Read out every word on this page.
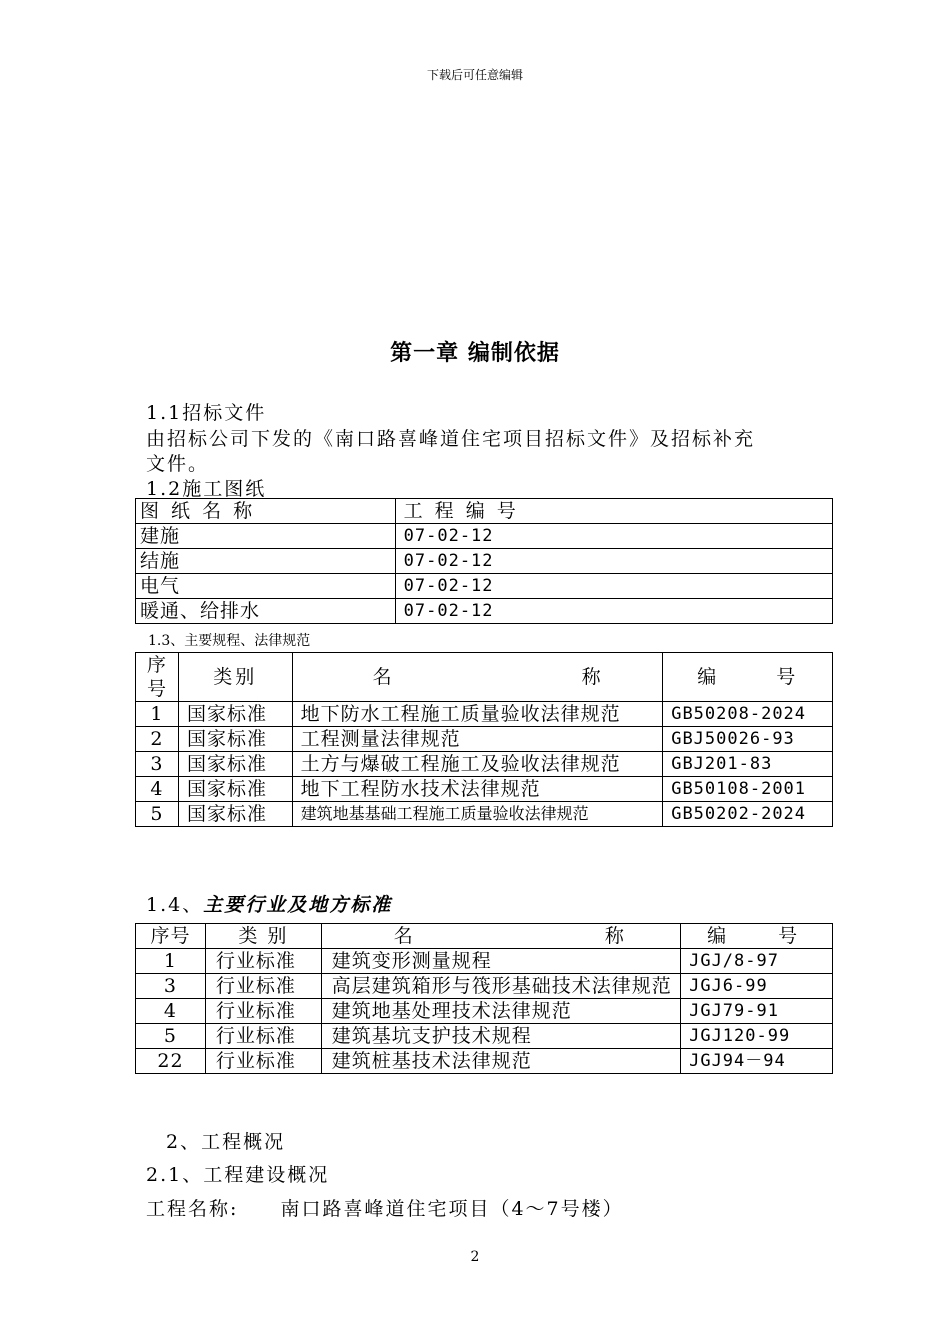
下载后可任意编辑
第一章 编制依据
1.1招标文件
由招标公司下发的《南口路喜峰道住宅项目招标文件》及招标补充
文件。
1.2施工图纸
图 纸 名 称	工 程 编 号
建施	07-02-12
结施	07-02-12
电气	07-02-12
暖通、给排水	07-02-12
1.3、主要规程、法律规范
序号	类别	名 称	编 号
1	国家标准	地下防水工程施工质量验收法律规范	GB50208-2024
2	国家标准	工程测量法律规范	GBJ50026-93
3	国家标准	土方与爆破工程施工及验收法律规范	GBJ201-83
4	国家标准	地下工程防水技术法律规范	GB50108-2001
5	国家标准	建筑地基基础工程施工质量验收法律规范	GB50202-2024
1.4、主要行业及地方标准
序号	类 别	名 称	编 号
1	行业标准	建筑变形测量规程	JGJ/8-97
3	行业标准	高层建筑箱形与筏形基础技术法律规范	JGJ6-99
4	行业标准	建筑地基处理技术法律规范	JGJ79-91
5	行业标准	建筑基坑支护技术规程	JGJ120-99
22	行业标准	建筑桩基技术法律规范	JGJ94－94
2、工程概况
2.1、工程建设概况
工程名称: 南口路喜峰道住宅项目（4～7号楼）
2
